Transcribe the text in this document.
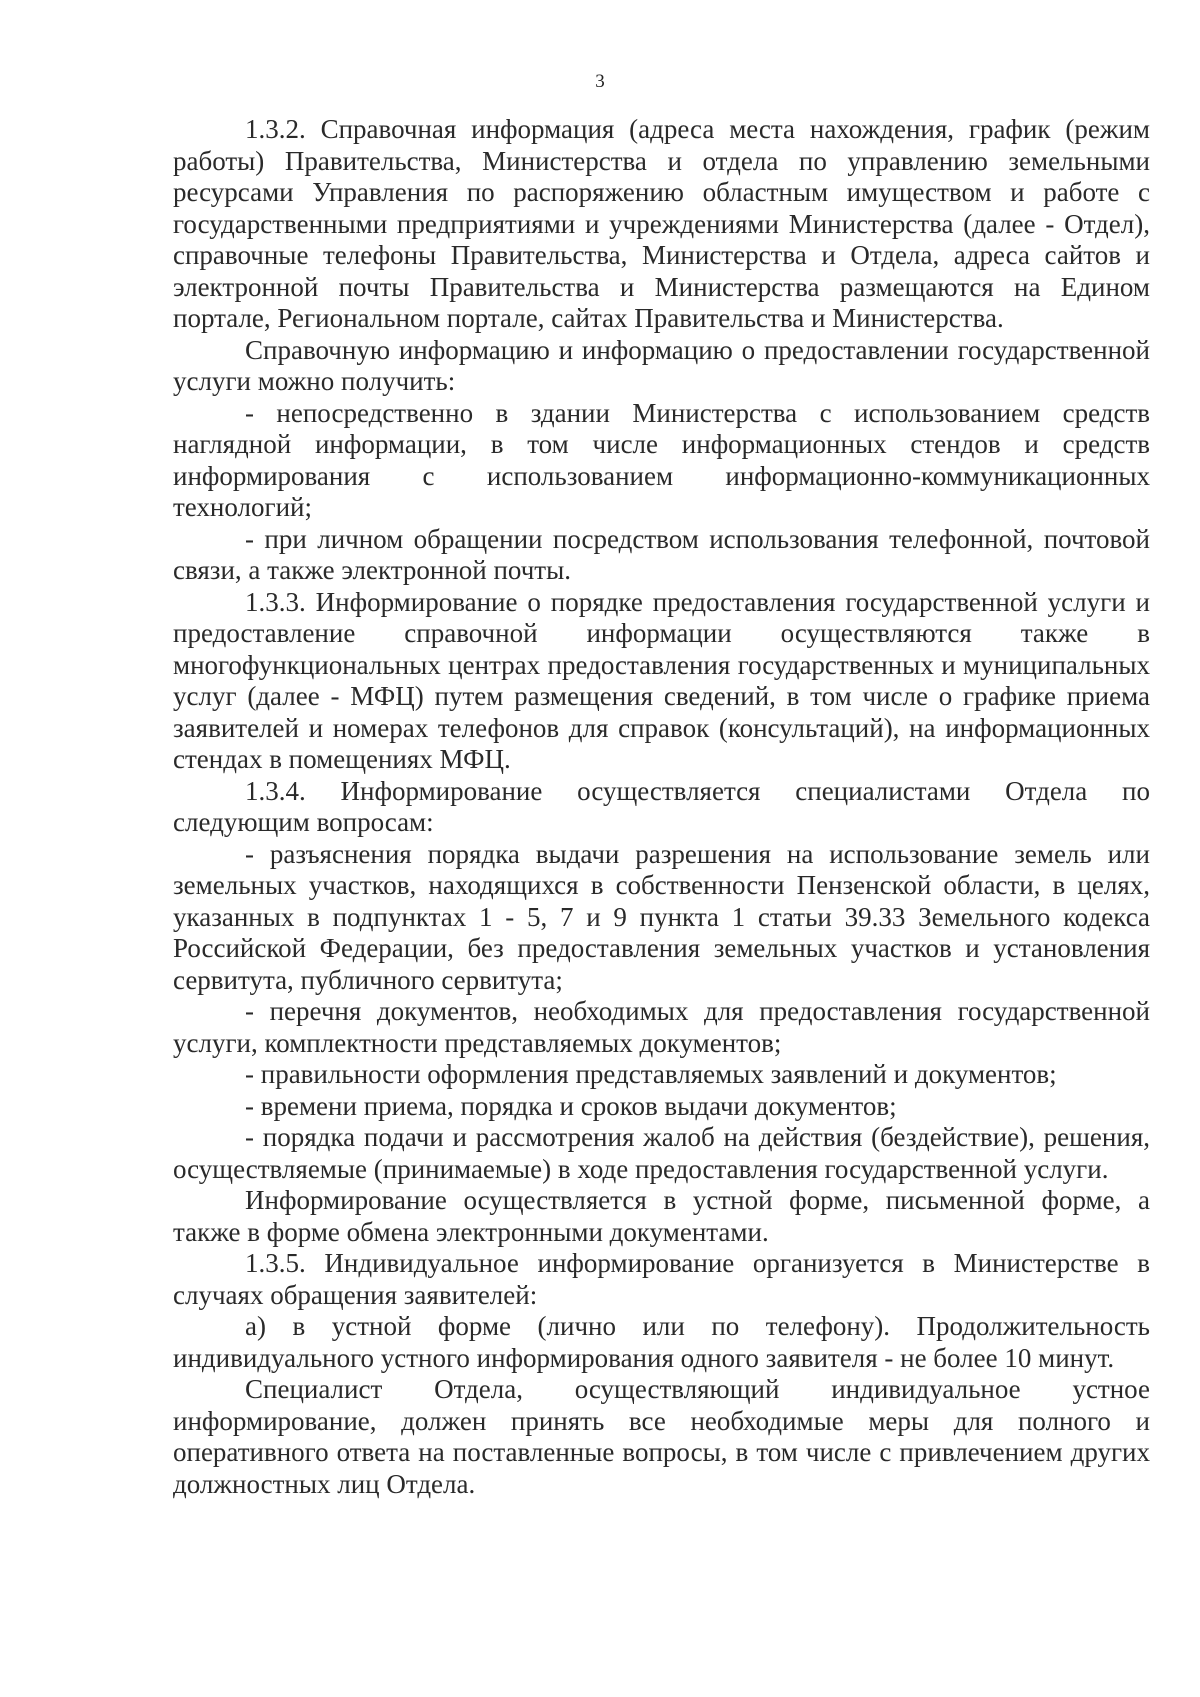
3

1.3.2. Справочная информация (адреса места нахождения, график (режим работы) Правительства, Министерства и отдела по управлению земельными ресурсами Управления по распоряжению областным имуществом и работе с государственными предприятиями и учреждениями Министерства (далее - Отдел), справочные телефоны Правительства, Министерства и Отдела, адреса сайтов и электронной почты Правительства и Министерства размещаются на Едином портале, Региональном портале, сайтах Правительства и Министерства.

Справочную информацию и информацию о предоставлении государственной услуги можно получить:

- непосредственно в здании Министерства с использованием средств наглядной информации, в том числе информационных стендов и средств информирования с использованием информационно-коммуникационных технологий;

- при личном обращении посредством использования телефонной, почтовой связи, а также электронной почты.

1.3.3. Информирование о порядке предоставления государственной услуги и предоставление справочной информации осуществляются также в многофункциональных центрах предоставления государственных и муниципальных услуг (далее - МФЦ) путем размещения сведений, в том числе о графике приема заявителей и номерах телефонов для справок (консультаций), на информационных стендах в помещениях МФЦ.

1.3.4. Информирование осуществляется специалистами Отдела по следующим вопросам:

- разъяснения порядка выдачи разрешения на использование земель или земельных участков, находящихся в собственности Пензенской области, в целях, указанных в подпунктах 1 - 5, 7 и 9 пункта 1 статьи 39.33 Земельного кодекса Российской Федерации, без предоставления земельных участков и установления сервитута, публичного сервитута;

- перечня документов, необходимых для предоставления государственной услуги, комплектности представляемых документов;

- правильности оформления представляемых заявлений и документов;

- времени приема, порядка и сроков выдачи документов;

- порядка подачи и рассмотрения жалоб на действия (бездействие), решения, осуществляемые (принимаемые) в ходе предоставления государственной услуги.

Информирование осуществляется в устной форме, письменной форме, а также в форме обмена электронными документами.

1.3.5. Индивидуальное информирование организуется в Министерстве в случаях обращения заявителей:

а) в устной форме (лично или по телефону). Продолжительность индивидуального устного информирования одного заявителя - не более 10 минут.

Специалист Отдела, осуществляющий индивидуальное устное информирование, должен принять все необходимые меры для полного и оперативного ответа на поставленные вопросы, в том числе с привлечением других должностных лиц Отдела.
